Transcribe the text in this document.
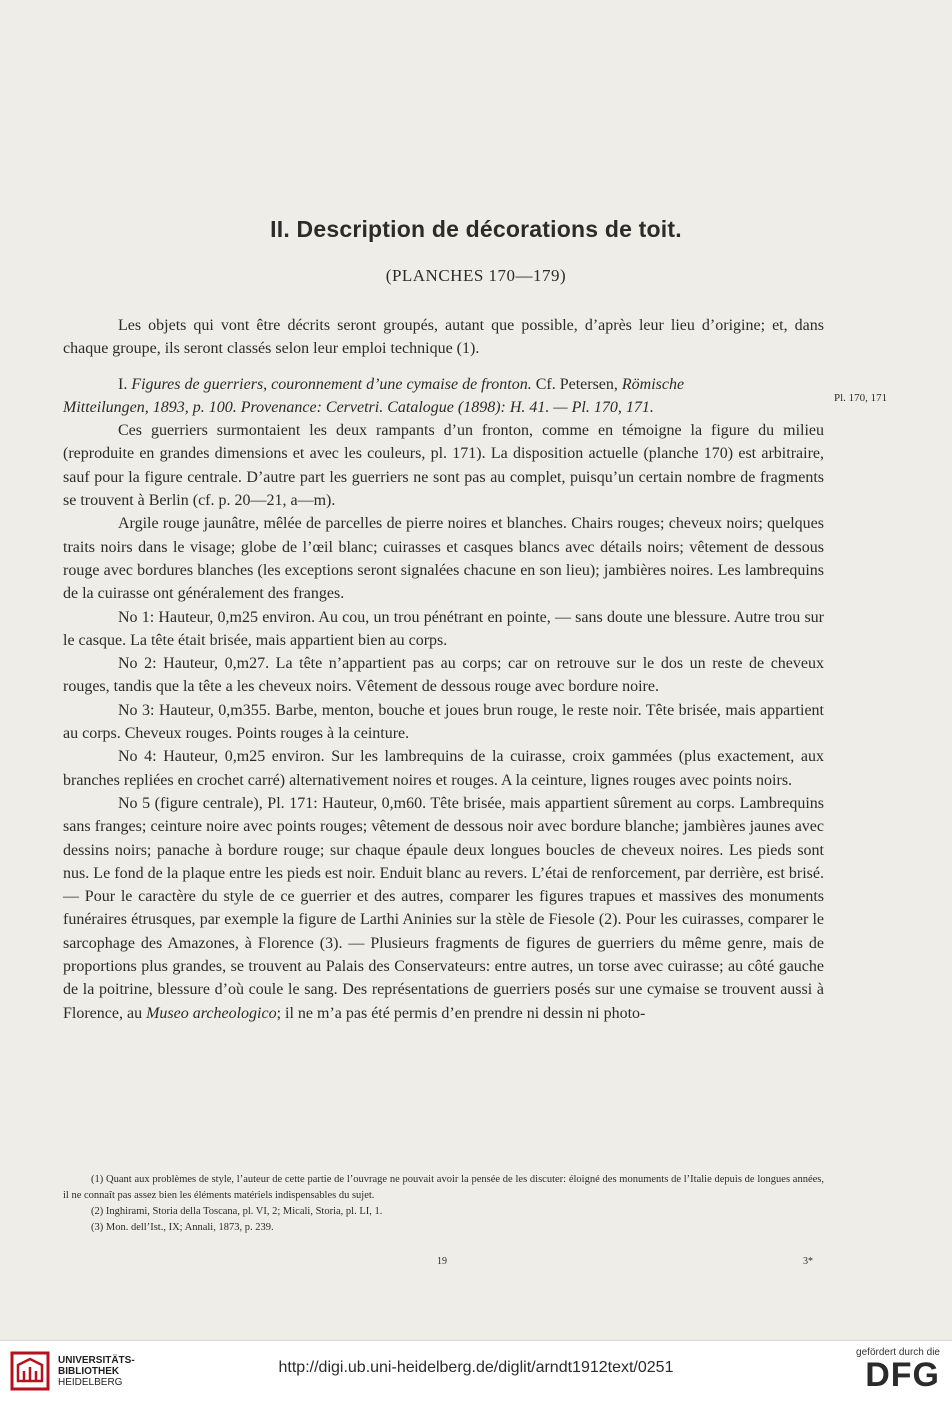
II. Description de décorations de toit.
(PLANCHES 170—179)
Pl. 170, 171

Les objets qui vont être décrits seront groupés, autant que possible, d’après leur lieu d’origine; et, dans chaque groupe, ils seront classés selon leur emploi technique (1).

I. Figures de guerriers, couronnement d’une cymaise de fronton. Cf. Petersen, Römische

Mitteilungen, 1893, p. 100. Provenance: Cervetri. Catalogue (1898): H. 41. — Pl. 170, 171.

Ces guerriers surmontaient les deux rampants d’un fronton, comme en témoigne la figure du milieu (reproduite en grandes dimensions et avec les couleurs, pl. 171). La disposition actuelle (planche 170) est arbitraire, sauf pour la figure centrale. D’autre part les guerriers ne sont pas au complet, puisqu’un certain nombre de fragments se trouvent à Berlin (cf. p. 20—21, a—m).

Argile rouge jaunâtre, mêlée de parcelles de pierre noires et blanches. Chairs rouges; cheveux noirs; quelques traits noirs dans le visage; globe de l’œil blanc; cuirasses et casques blancs avec détails noirs; vêtement de dessous rouge avec bordures blanches (les exceptions seront signalées chacune en son lieu); jambières noires. Les lambrequins de la cuirasse ont généralement des franges.

No 1: Hauteur, 0,m25 environ. Au cou, un trou pénétrant en pointe, — sans doute une blessure. Autre trou sur le casque. La tête était brisée, mais appartient bien au corps.

No 2: Hauteur, 0,m27. La tête n’appartient pas au corps; car on retrouve sur le dos un reste de cheveux rouges, tandis que la tête a les cheveux noirs. Vêtement de dessous rouge avec bordure noire.

No 3: Hauteur, 0,m355. Barbe, menton, bouche et joues brun rouge, le reste noir. Tête brisée, mais appartient au corps. Cheveux rouges. Points rouges à la ceinture.

No 4: Hauteur, 0,m25 environ. Sur les lambrequins de la cuirasse, croix gammées (plus exactement, aux branches repliées en crochet carré) alternativement noires et rouges. A la ceinture, lignes rouges avec points noirs.

No 5 (figure centrale), Pl. 171: Hauteur, 0,m60. Tête brisée, mais appartient sûrement au corps. Lambrequins sans franges; ceinture noire avec points rouges; vêtement de dessous noir avec bordure blanche; jambières jaunes avec dessins noirs; panache à bordure rouge; sur chaque épaule deux longues boucles de cheveux noires. Les pieds sont nus. Le fond de la plaque entre les pieds est noir. Enduit blanc au revers. L’étai de renforcement, par derrière, est brisé. — Pour le caractère du style de ce guerrier et des autres, comparer les figures trapues et massives des monuments funéraires étrusques, par exemple la figure de Larthi Aninies sur la stèle de Fiesole (2). Pour les cuirasses, comparer le sarcophage des Amazones, à Florence (3). — Plusieurs fragments de figures de guerriers du même genre, mais de proportions plus grandes, se trouvent au Palais des Conservateurs: entre autres, un torse avec cuirasse; au côté gauche de la poitrine, blessure d’où coule le sang. Des représentations de guerriers posés sur une cymaise se trouvent aussi à Florence, au Museo archeologico; il ne m’a pas été permis d’en prendre ni dessin ni photo-

(1) Quant aux problèmes de style, l’auteur de cette partie de l’ouvrage ne pouvait avoir la pensée de les discuter: éloigné des monuments de l’Italie depuis de longues années, il ne connaît pas assez bien les éléments matériels indispensables du sujet.
(2) Inghirami, Storia della Toscana, pl. VI, 2; Micali, Storia, pl. LI, 1.
(3) Mon. dell’Ist., IX; Annali, 1873, p. 239.
19	3*
UNIVERSITÄTS-
BIBLIOTHEK
HEIDELBERG
http://digi.ub.uni-heidelberg.de/diglit/arndt1912text/0251
gefördert durch die
DFG
